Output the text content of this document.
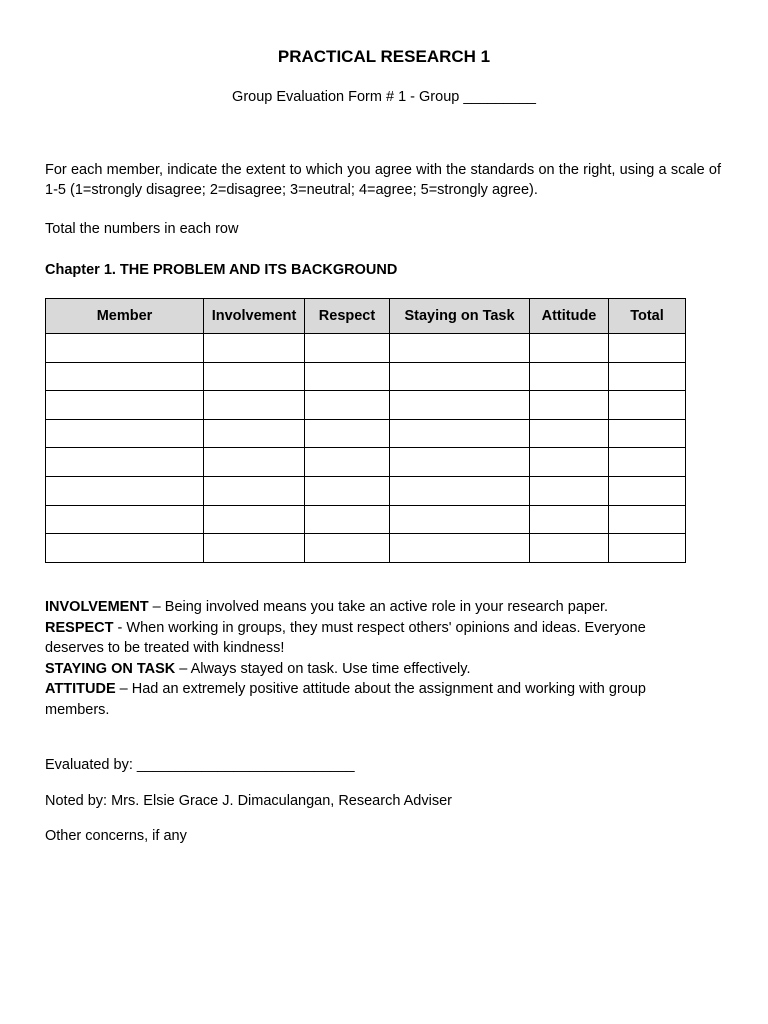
PRACTICAL RESEARCH 1
Group Evaluation Form # 1 - Group _________
For each member, indicate the extent to which you agree with the standards on the right, using a scale of 1-5 (1=strongly disagree; 2=disagree; 3=neutral; 4=agree; 5=strongly agree).
Total the numbers in each row
Chapter 1. THE PROBLEM AND ITS BACKGROUND
Member	Involvement	Respect	Staying on Task	Attitude	Total

INVOLVEMENT – Being involved means you take an active role in your research paper.

RESPECT - When working in groups, they must respect others' opinions and ideas. Everyone deserves to be treated with kindness!

STAYING ON TASK – Always stayed on task. Use time effectively.

ATTITUDE – Had an extremely positive attitude about the assignment and working with group members.

Evaluated by: ___________________________
Noted by: Mrs. Elsie Grace J. Dimaculangan, Research Adviser
Other concerns, if any
